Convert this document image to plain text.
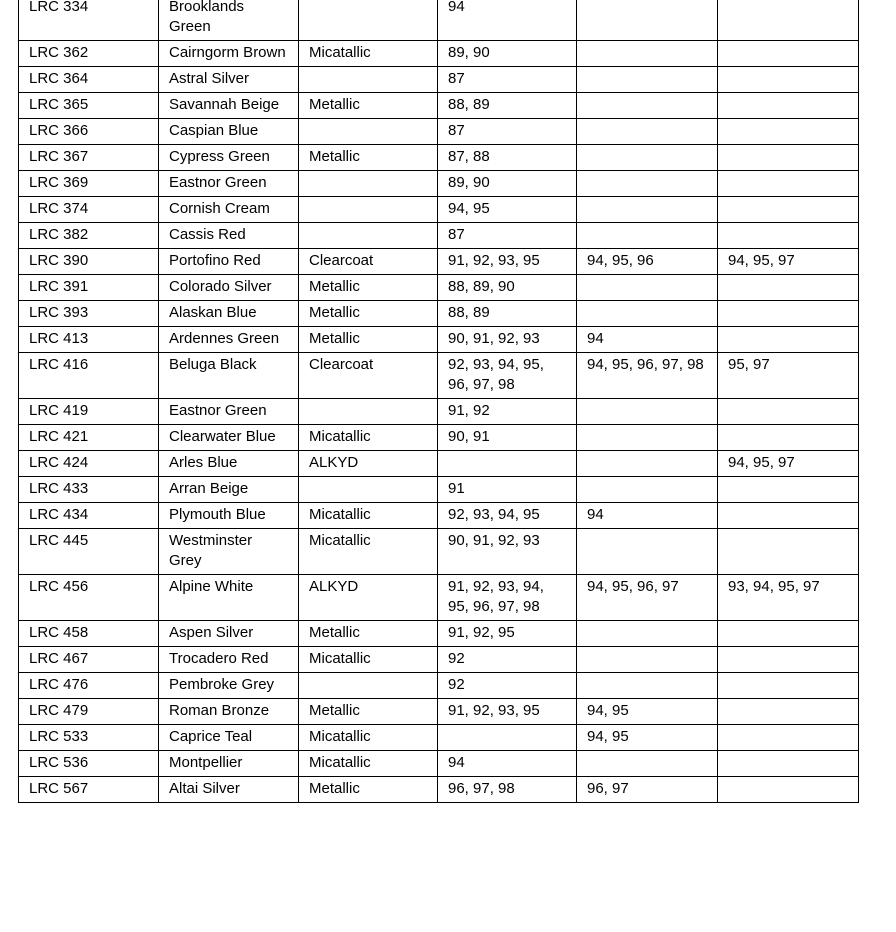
LRC 334	Brooklands Green		94		
LRC 362	Cairngorm Brown	Micatallic	89, 90		
LRC 364	Astral Silver		87		
LRC 365	Savannah Beige	Metallic	88, 89		
LRC 366	Caspian Blue		87		
LRC 367	Cypress Green	Metallic	87, 88		
LRC 369	Eastnor Green		89, 90		
LRC 374	Cornish Cream		94, 95		
LRC 382	Cassis Red		87		
LRC 390	Portofino Red	Clearcoat	91, 92, 93, 95	94, 95, 96	94, 95, 97
LRC 391	Colorado Silver	Metallic	88, 89, 90		
LRC 393	Alaskan Blue	Metallic	88, 89		
LRC 413	Ardennes Green	Metallic	90, 91, 92, 93	94	
LRC 416	Beluga Black	Clearcoat	92, 93, 94, 95, 96, 97, 98	94, 95, 96, 97, 98	95, 97
LRC 419	Eastnor Green		91, 92		
LRC 421	Clearwater Blue	Micatallic	90, 91		
LRC 424	Arles Blue	ALKYD			94, 95, 97
LRC 433	Arran Beige		91		
LRC 434	Plymouth Blue	Micatallic	92, 93, 94, 95	94	
LRC 445	Westminster Grey	Micatallic	90, 91, 92, 93		
LRC 456	Alpine White	ALKYD	91, 92, 93, 94, 95, 96, 97, 98	94, 95, 96, 97	93, 94, 95, 97
LRC 458	Aspen Silver	Metallic	91, 92, 95		
LRC 467	Trocadero Red	Micatallic	92		
LRC 476	Pembroke Grey		92		
LRC 479	Roman Bronze	Metallic	91, 92, 93, 95	94, 95	
LRC 533	Caprice Teal	Micatallic		94, 95	
LRC 536	Montpellier	Micatallic	94		
LRC 567	Altai Silver	Metallic	96, 97, 98	96, 97	
